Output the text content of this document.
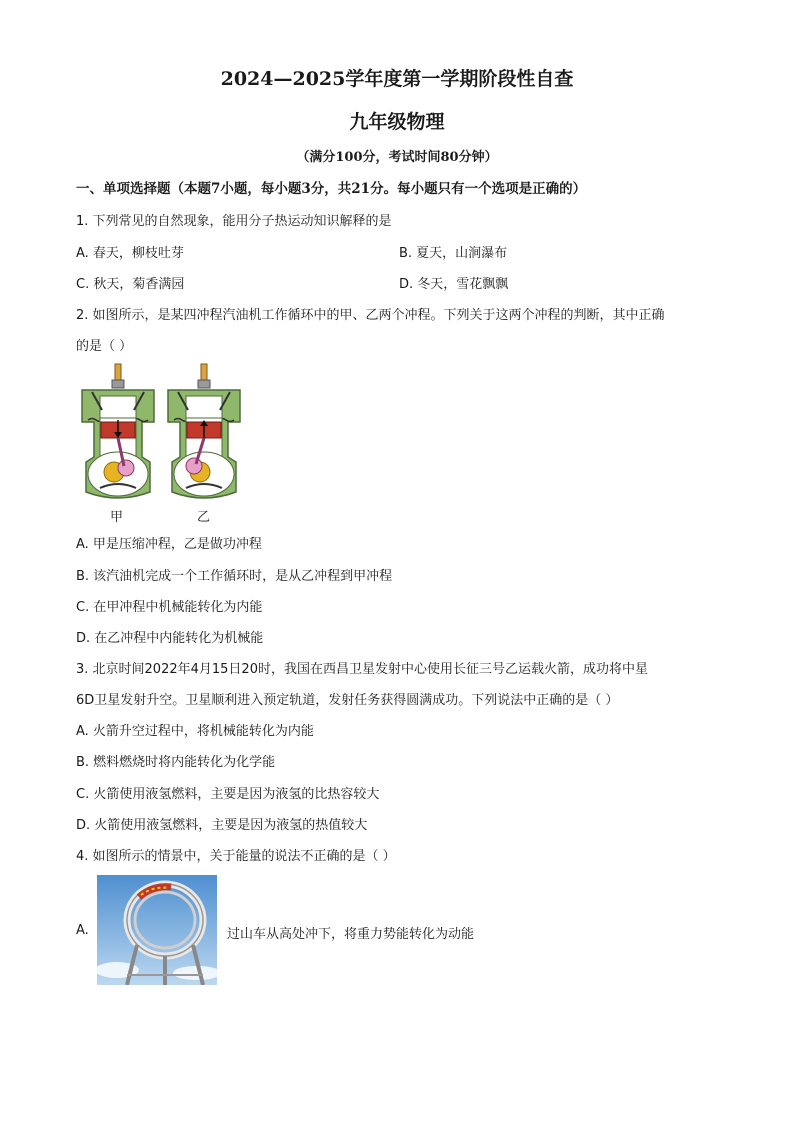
2024—2025学年度第一学期阶段性自查
九年级物理
（满分100分，考试时间80分钟）
一、单项选择题（本题7小题，每小题3分，共21分。每小题只有一个选项是正确的）
1. 下列常见的自然现象，能用分子热运动知识解释的是
A. 春天，柳枝吐芽	B. 夏天，山涧瀑布
C. 秋天，菊香满园	D. 冬天，雪花飘飘
2. 如图所示，是某四冲程汽油机工作循环中的甲、乙两个冲程。下列关于这两个冲程的判断，其中正确
的是（ ）
甲	乙
A. 甲是压缩冲程，乙是做功冲程
B. 该汽油机完成一个工作循环时，是从乙冲程到甲冲程
C. 在甲冲程中机械能转化为内能
D. 在乙冲程中内能转化为机械能
3. 北京时间2022年4月15日20时，我国在西昌卫星发射中心使用长征三号乙运载火箭，成功将中星
6D卫星发射升空。卫星顺利进入预定轨道，发射任务获得圆满成功。下列说法中正确的是（ ）
A. 火箭升空过程中，将机械能转化为内能
B. 燃料燃烧时将内能转化为化学能
C. 火箭使用液氢燃料，主要是因为液氢的比热容较大
D. 火箭使用液氢燃料，主要是因为液氢的热值较大
4. 如图所示的情景中，关于能量的说法不正确的是（ ）
A.	过山车从高处冲下，将重力势能转化为动能
